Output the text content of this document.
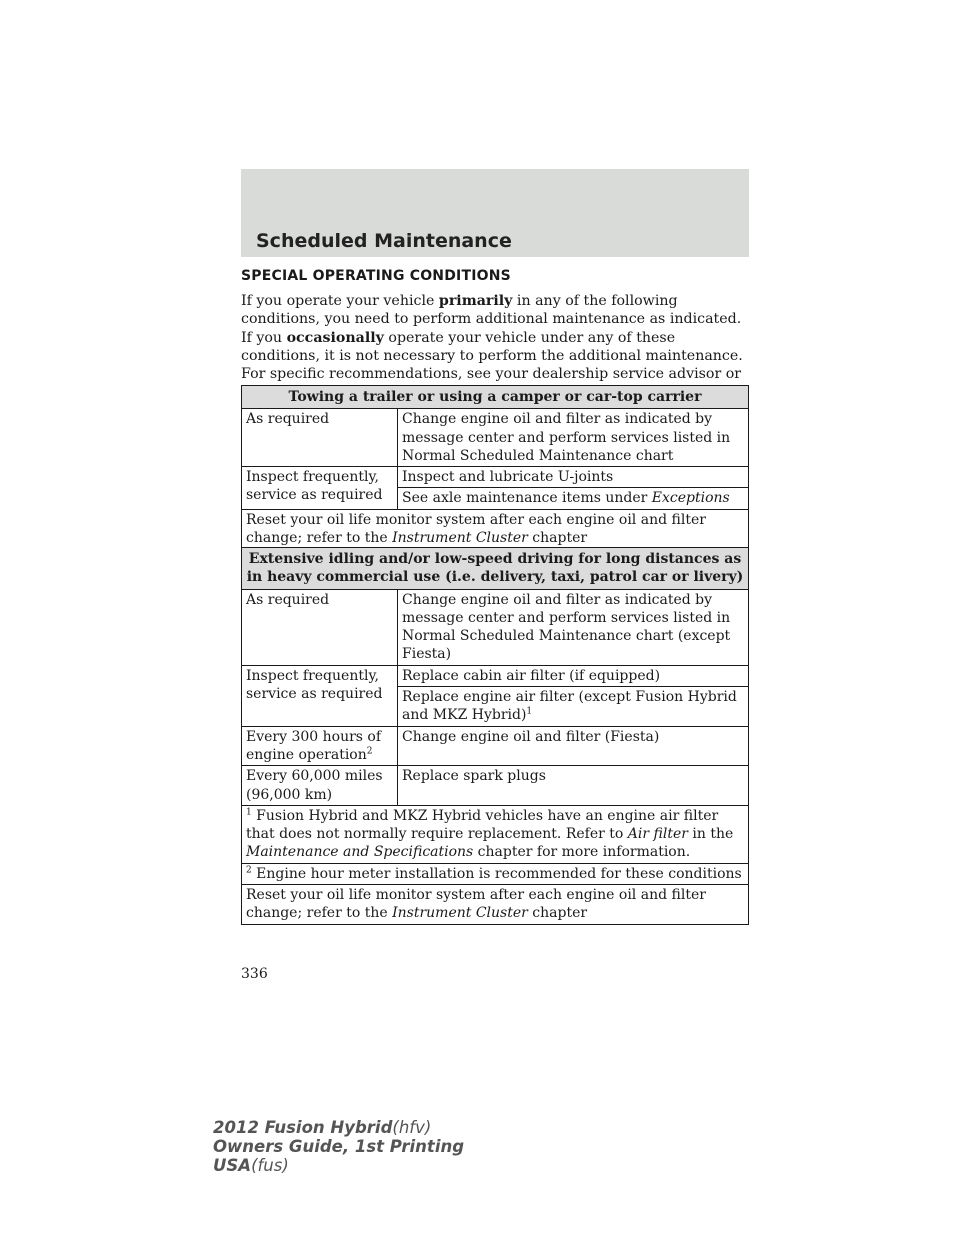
Scheduled Maintenance
SPECIAL OPERATING CONDITIONS
If you operate your vehicle primarily in any of the following conditions, you need to perform additional maintenance as indicated. If you occasionally operate your vehicle under any of these conditions, it is not necessary to perform the additional maintenance. For specific recommendations, see your dealership service advisor or
Towing a trailer or using a camper or car-top carrier	
As required	Change engine oil and filter as indicated by message center and perform services listed in Normal Scheduled Maintenance chart
Inspect frequently, service as required	Inspect and lubricate U-joints
	See axle maintenance items under Exceptions
Reset your oil life monitor system after each engine oil and filter change; refer to the Instrument Cluster chapter	
Extensive idling and/or low-speed driving for long distances as in heavy commercial use (i.e. delivery, taxi, patrol car or livery)	
As required	Change engine oil and filter as indicated by message center and perform services listed in Normal Scheduled Maintenance chart (except Fiesta)
Inspect frequently, service as required	Replace cabin air filter (if equipped)
	Replace engine air filter (except Fusion Hybrid and MKZ Hybrid)$^1$
Every 300 hours of engine operation$^2$	Change engine oil and filter (Fiesta)
Every 60,000 miles (96,000 km)	Replace spark plugs
$^1$ Fusion Hybrid and MKZ Hybrid vehicles have an engine air filter that does not normally require replacement. Refer to Air filter in the Maintenance and Specifications chapter for more information.	
$^2$ Engine hour meter installation is recommended for these conditions	
Reset your oil life monitor system after each engine oil and filter change; refer to the Instrument Cluster chapter	
336
2012 Fusion Hybrid(hfv)
Owners Guide, 1st Printing
USA(fus)
